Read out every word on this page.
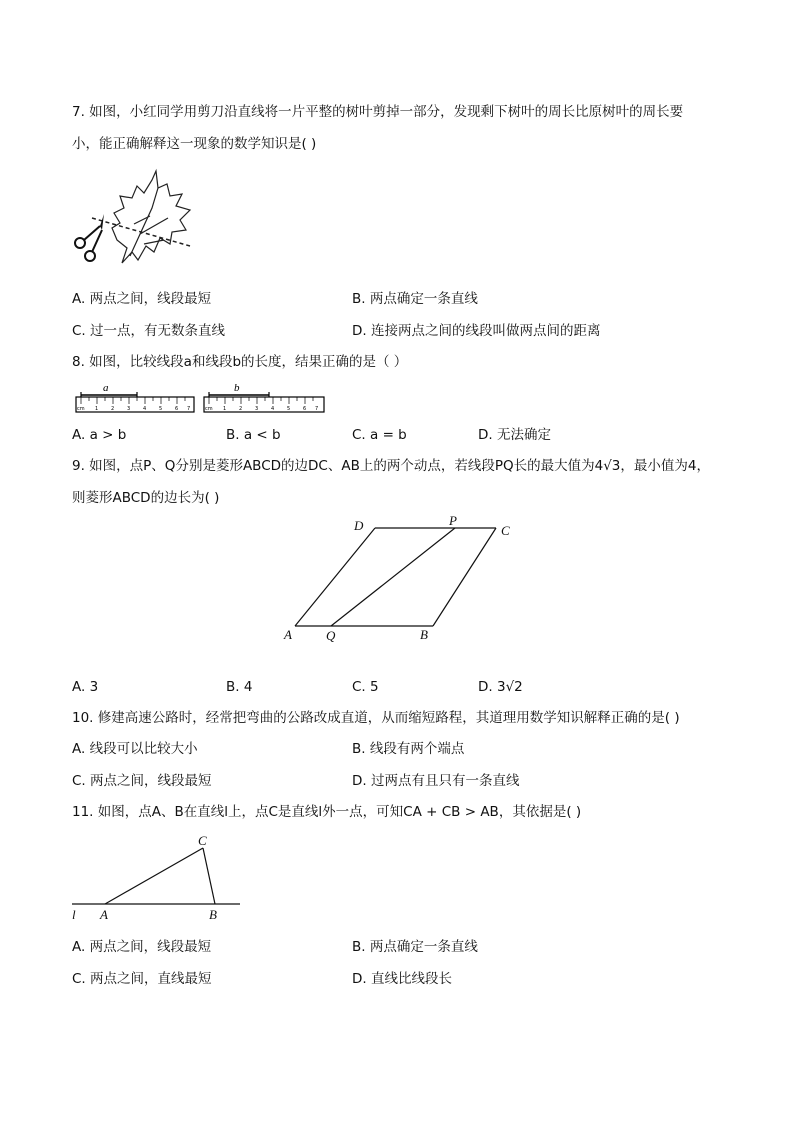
7. 如图，小红同学用剪刀沿直线将一片平整的树叶剪掉一部分，发现剩下树叶的周长比原树叶的周长要
小，能正确解释这一现象的数学知识是( )
A. 两点之间，线段最短	B. 两点确定一条直线
C. 过一点，有无数条直线	D. 连接两点之间的线段叫做两点间的距离
8. 如图，比较线段a和线段b的长度，结果正确的是（ ）
a
cm 1	2	3	4	5	6 7
b
cm 1	2	3	4	5	6 7
A. a > b	B. a < b	C. a = b	D. 无法确定
9. 如图，点P、Q分别是菱形ABCD的边DC、AB上的两个动点，若线段PQ长的最大值为4√3，最小值为4，
则菱形ABCD的边长为( )
D	P
C
A	Q	B
A. 3	B. 4	C. 5	D. 3√2
10. 修建高速公路时，经常把弯曲的公路改成直道，从而缩短路程，其道理用数学知识解释正确的是( )
A. 线段可以比较大小	B. 线段有两个端点
C. 两点之间，线段最短	D. 过两点有且只有一条直线
11. 如图，点A、B在直线l上，点C是直线l外一点，可知CA + CB > AB，其依据是( )
C
l A	B
A. 两点之间，线段最短	B. 两点确定一条直线
C. 两点之间，直线最短	D. 直线比线段长
